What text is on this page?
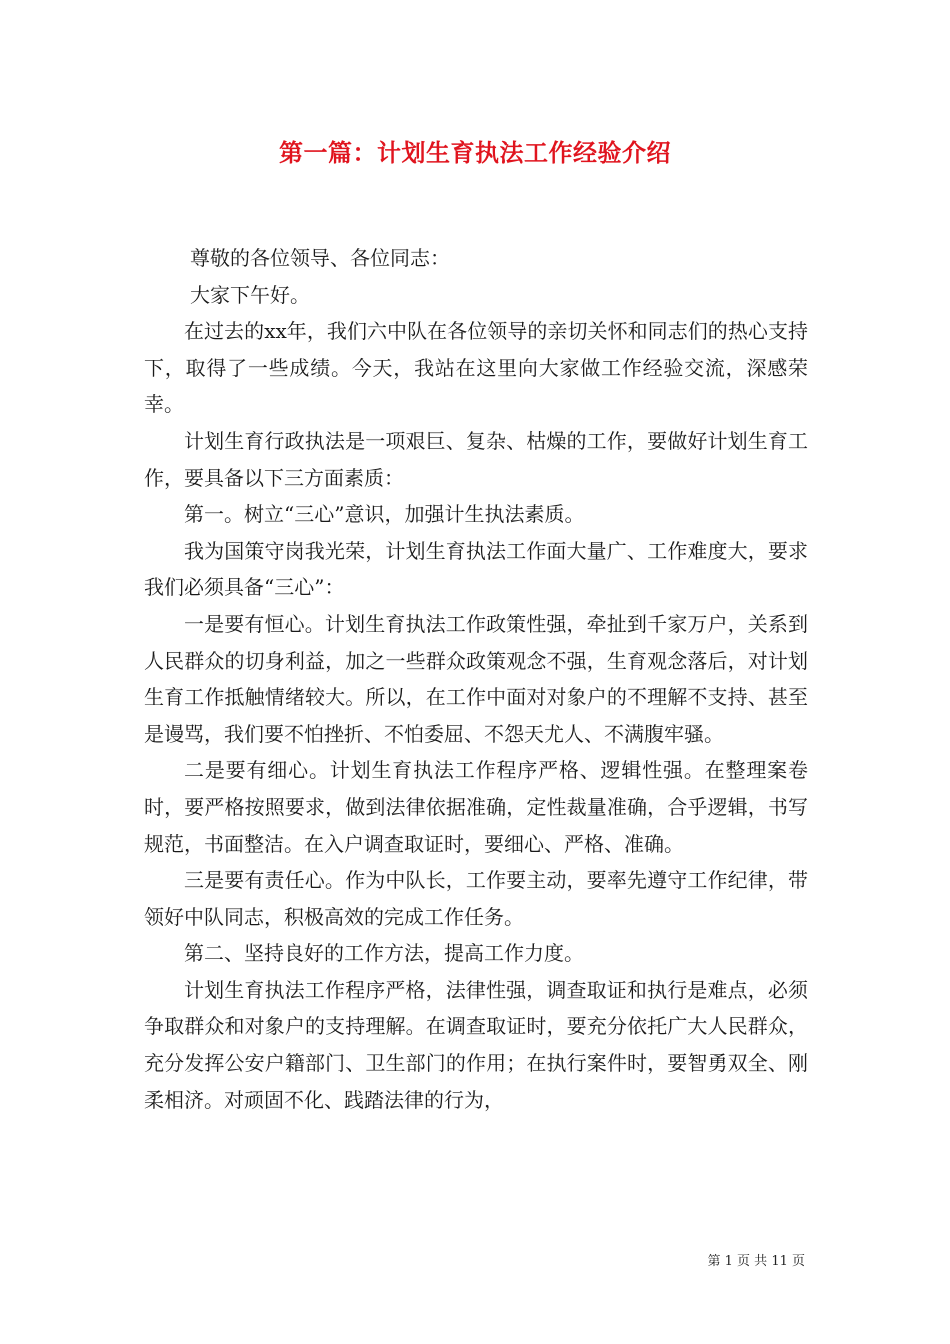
第一篇：计划生育执法工作经验介绍

尊敬的各位领导、各位同志：

大家下午好。

在过去的xx年，我们六中队在各位领导的亲切关怀和同志们的热心支持下，取得了一些成绩。今天，我站在这里向大家做工作经验交流，深感荣幸。

计划生育行政执法是一项艰巨、复杂、枯燥的工作，要做好计划生育工作，要具备以下三方面素质：

第一。树立“三心”意识，加强计生执法素质。

我为国策守岗我光荣，计划生育执法工作面大量广、工作难度大，要求我们必须具备“三心”：

一是要有恒心。计划生育执法工作政策性强，牵扯到千家万户，关系到人民群众的切身利益，加之一些群众政策观念不强，生育观念落后，对计划生育工作抵触情绪较大。所以，在工作中面对对象户的不理解不支持、甚至是谩骂，我们要不怕挫折、不怕委屈、不怨天尤人、不满腹牢骚。

二是要有细心。计划生育执法工作程序严格、逻辑性强。在整理案卷时，要严格按照要求，做到法律依据准确，定性裁量准确，合乎逻辑，书写规范，书面整洁。在入户调查取证时，要细心、严格、准确。

三是要有责任心。作为中队长，工作要主动，要率先遵守工作纪律，带领好中队同志，积极高效的完成工作任务。

第二、坚持良好的工作方法，提高工作力度。

计划生育执法工作程序严格，法律性强，调查取证和执行是难点，必须争取群众和对象户的支持理解。在调查取证时，要充分依托广大人民群众，充分发挥公安户籍部门、卫生部门的作用；在执行案件时，要智勇双全、刚柔相济。对顽固不化、践踏法律的行为，

第 1 页 共 11 页
